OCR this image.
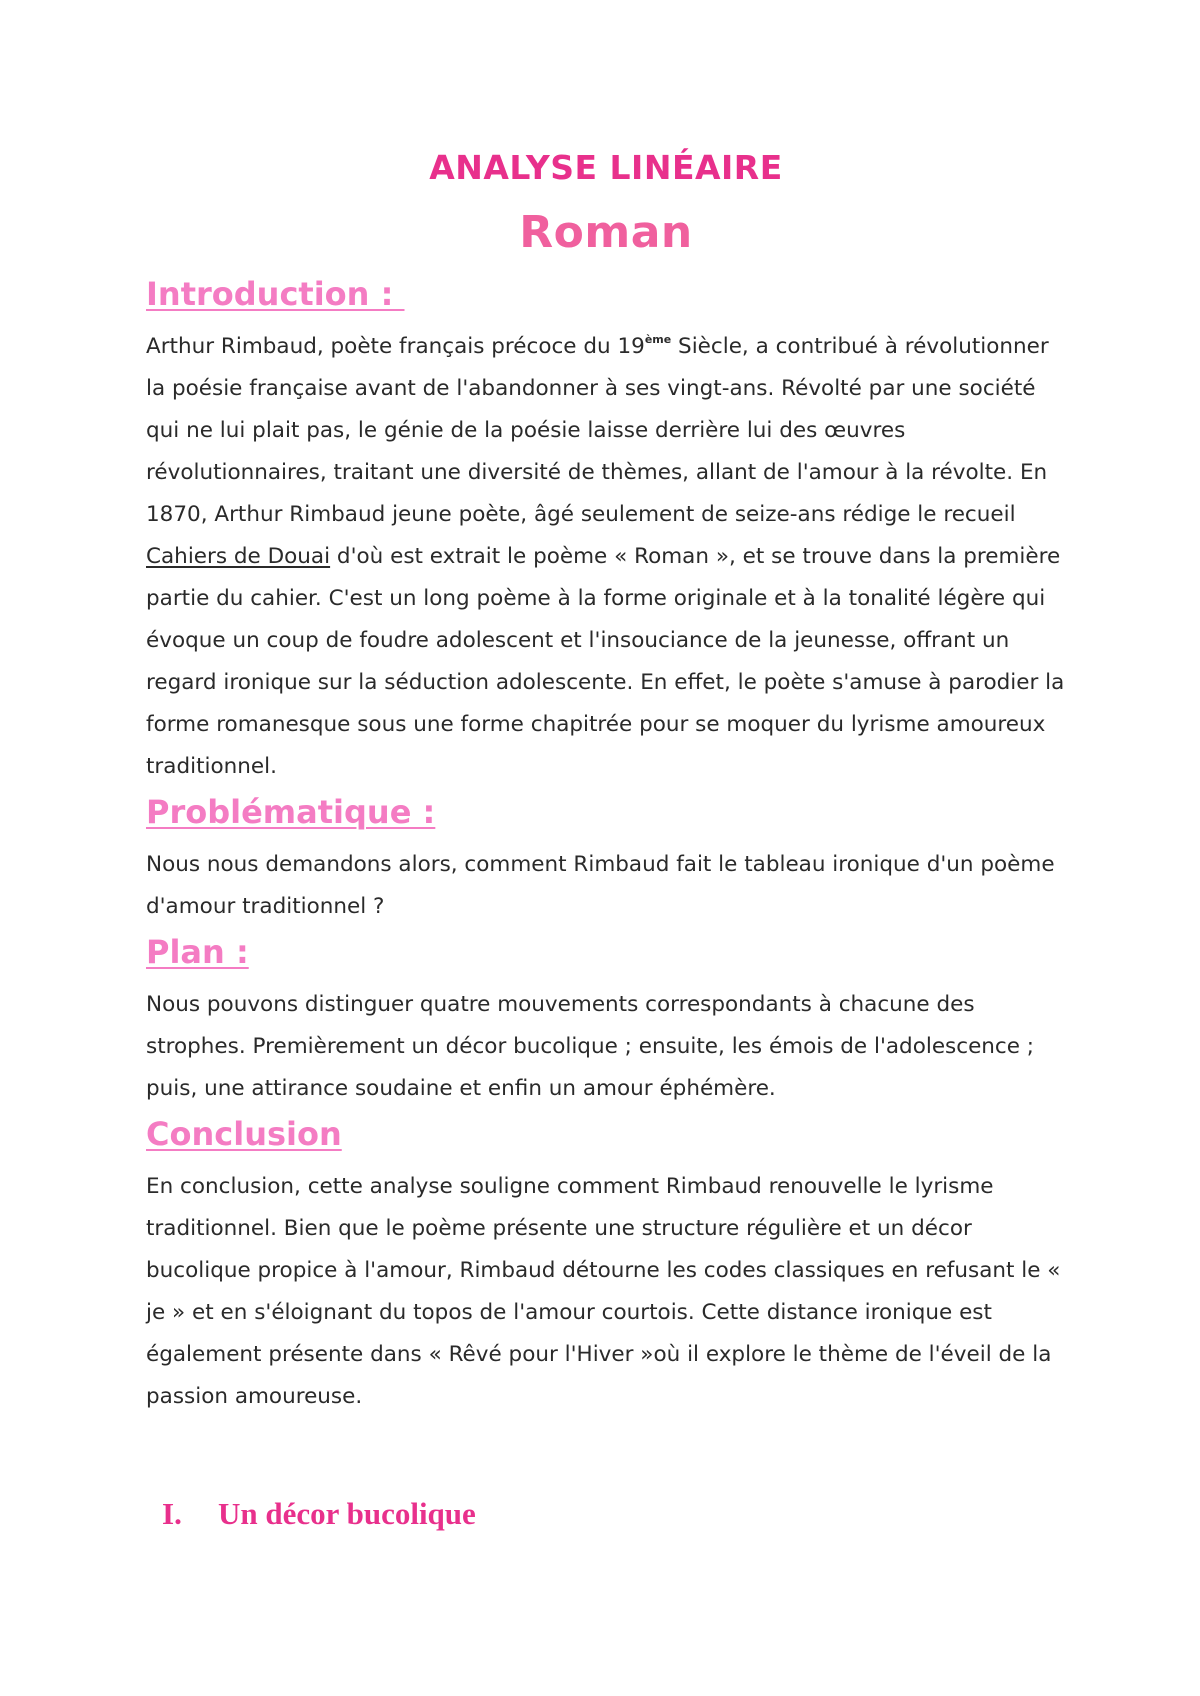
ANALYSE LINÉAIRE
Roman
Introduction :

Arthur Rimbaud, poète français précoce du 19ème Siècle, a contribué à révolutionner la poésie française avant de l'abandonner à ses vingt-ans. Révolté par une société qui ne lui plait pas, le génie de la poésie laisse derrière lui des œuvres révolutionnaires, traitant une diversité de thèmes, allant de l'amour à la révolte. En 1870, Arthur Rimbaud jeune poète, âgé seulement de seize-ans rédige le recueil Cahiers de Douai d'où est extrait le poème « Roman », et se trouve dans la première partie du cahier. C'est un long poème à la forme originale et à la tonalité légère qui évoque un coup de foudre adolescent et l'insouciance de la jeunesse, offrant un regard ironique sur la séduction adolescente. En effet, le poète s'amuse à parodier la forme romanesque sous une forme chapitrée pour se moquer du lyrisme amoureux traditionnel.

Problématique :

Nous nous demandons alors, comment Rimbaud fait le tableau ironique d'un poème d'amour traditionnel ?

Plan :

Nous pouvons distinguer quatre mouvements correspondants à chacune des strophes. Premièrement un décor bucolique ; ensuite, les émois de l'adolescence ; puis, une attirance soudaine et enfin un amour éphémère.

Conclusion

En conclusion, cette analyse souligne comment Rimbaud renouvelle le lyrisme traditionnel. Bien que le poème présente une structure régulière et un décor bucolique propice à l'amour, Rimbaud détourne les codes classiques en refusant le « je » et en s'éloignant du topos de l'amour courtois. Cette distance ironique est également présente dans « Rêvé pour l'Hiver »où il explore le thème de l'éveil de la passion amoureuse.

I. Un décor bucolique
